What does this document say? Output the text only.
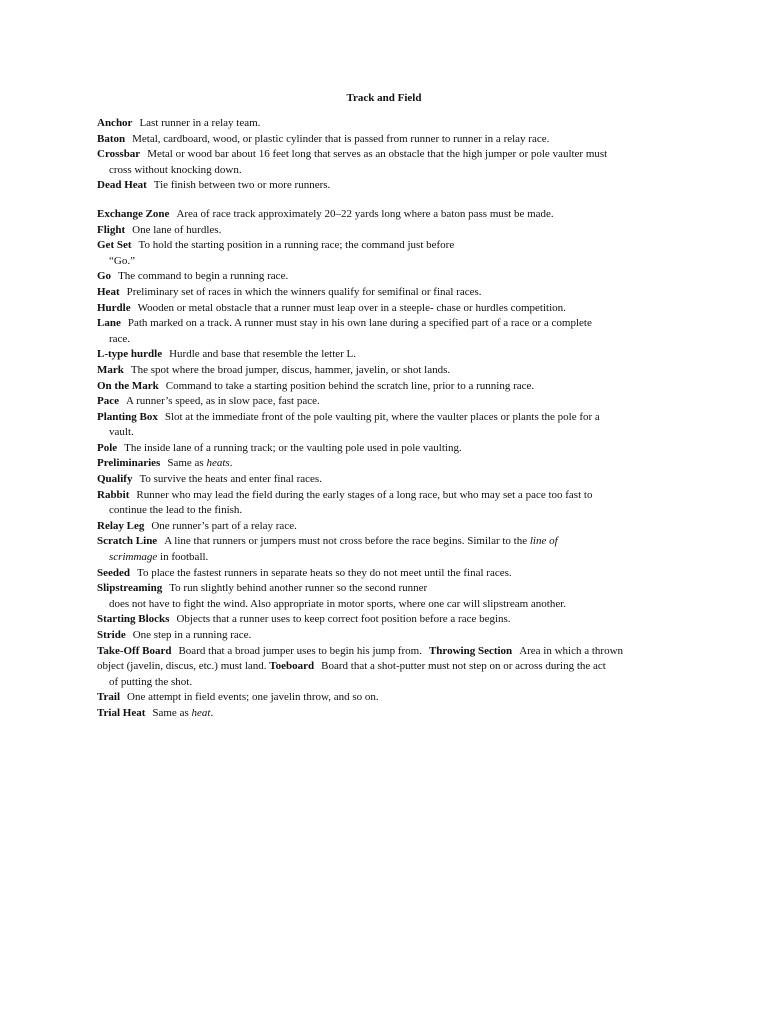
Track and Field

Anchor Last runner in a relay team.

Baton Metal, cardboard, wood, or plastic cylinder that is passed from runner to runner in a relay race.

Crossbar Metal or wood bar about 16 feet long that serves as an obstacle that the high jumper or pole vaulter must
cross without knocking down.

Dead Heat Tie finish between two or more runners.

Exchange Zone Area of race track approximately 20–22 yards long where a baton pass must be made.

Flight One lane of hurdles.

Get Set To hold the starting position in a running race; the command just before
“Go.”

Go The command to begin a running race.

Heat Preliminary set of races in which the winners qualify for semifinal or final races.

Hurdle Wooden or metal obstacle that a runner must leap over in a steeple- chase or hurdles competition.

Lane Path marked on a track. A runner must stay in his own lane during a specified part of a race or a complete
race.

L-type hurdle Hurdle and base that resemble the letter L.

Mark The spot where the broad jumper, discus, hammer, javelin, or shot lands.

On the Mark Command to take a starting position behind the scratch line, prior to a running race.

Pace A runner’s speed, as in slow pace, fast pace.

Planting Box Slot at the immediate front of the pole vaulting pit, where the vaulter places or plants the pole for a
vault.

Pole The inside lane of a running track; or the vaulting pole used in pole vaulting.

Preliminaries Same as heats.

Qualify To survive the heats and enter final races.

Rabbit Runner who may lead the field during the early stages of a long race, but who may set a pace too fast to
continue the lead to the finish.

Relay Leg One runner’s part of a relay race.

Scratch Line A line that runners or jumpers must not cross before the race begins. Similar to the line of
scrimmage in football.

Seeded To place the fastest runners in separate heats so they do not meet until the final races.

Slipstreaming To run slightly behind another runner so the second runner
does not have to fight the wind. Also appropriate in motor sports, where one car will slipstream another.

Starting Blocks Objects that a runner uses to keep correct foot position before a race begins.

Stride One step in a running race.

Take-Off Board Board that a broad jumper uses to begin his jump from. Throwing Section Area in which a thrown

object (javelin, discus, etc.) must land. Toeboard Board that a shot-putter must not step on or across during the act
of putting the shot.

Trail One attempt in field events; one javelin throw, and so on.

Trial Heat Same as heat.
